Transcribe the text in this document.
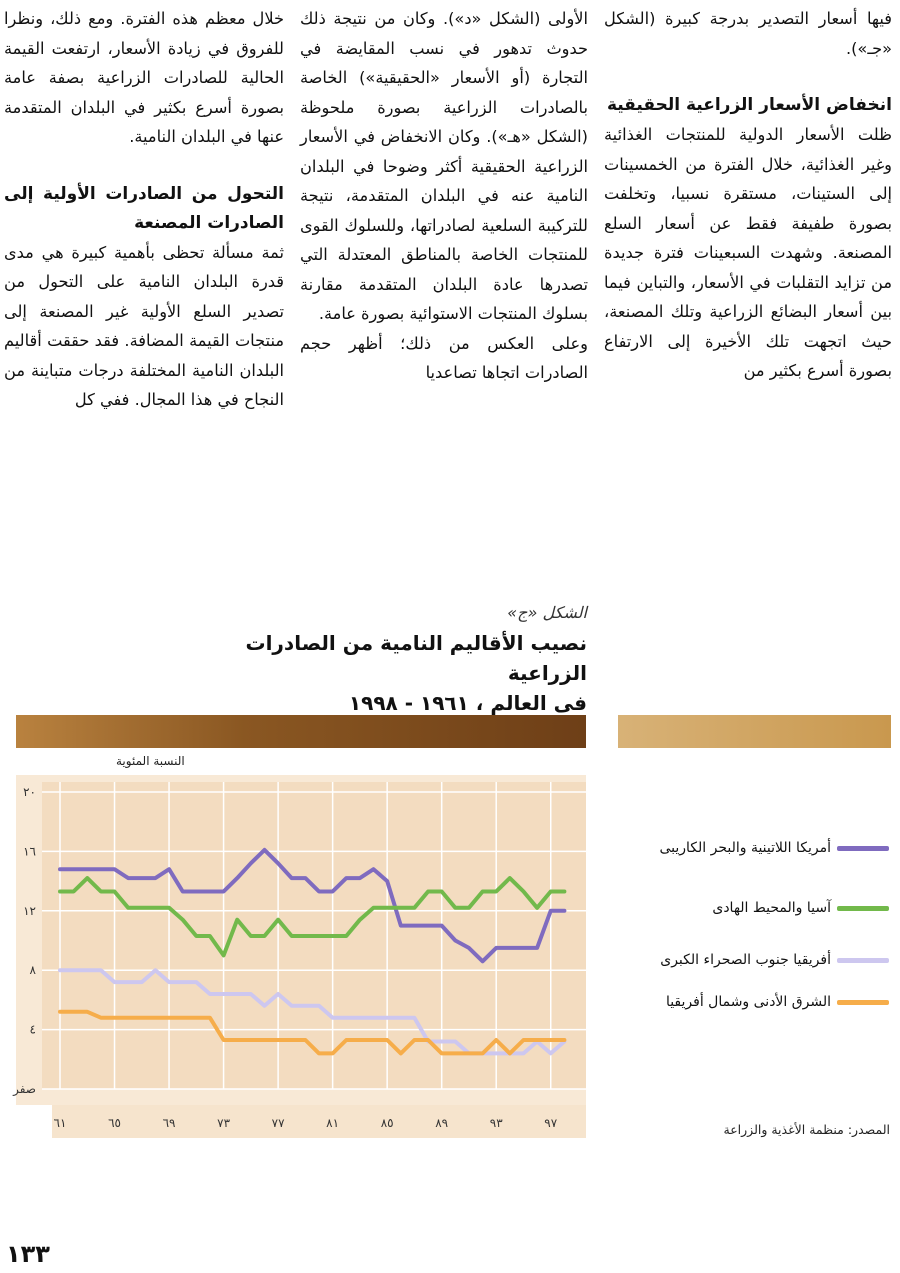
فيها أسعار التصدير بدرجة كبيرة (الشكل «جـ»).

انخفاض الأسعار الزراعية الحقيقية

ظلت الأسعار الدولية للمنتجات الغذائية وغير الغذائية، خلال الفترة من الخمسينات إلى الستينات، مستقرة نسبيا، وتخلفت بصورة طفيفة فقط عن أسعار السلع المصنعة. وشهدت السبعينات فترة جديدة من تزايد التقلبات في الأسعار، والتباين فيما بين أسعار البضائع الزراعية وتلك المصنعة، حيث اتجهت تلك الأخيرة إلى الارتفاع بصورة أسرع بكثير من

الأولى (الشكل «د»). وكان من نتيجة ذلك حدوث تدهور في نسب المقايضة في التجارة (أو الأسعار «الحقيقية») الخاصة بالصادرات الزراعية بصورة ملحوظة (الشكل «هـ»). وكان الانخفاض في الأسعار الزراعية الحقيقية أكثر وضوحا في البلدان النامية عنه في البلدان المتقدمة، نتيجة للتركيبة السلعية لصادراتها، وللسلوك القوى للمنتجات الخاصة بالمناطق المعتدلة التي تصدرها عادة البلدان المتقدمة مقارنة بسلوك المنتجات الاستوائية بصورة عامة.

وعلى العكس من ذلك؛ أظهر حجم الصادرات اتجاها تصاعديا

خلال معظم هذه الفترة. ومع ذلك، ونظرا للفروق في زيادة الأسعار، ارتفعت القيمة الحالية للصادرات الزراعية بصفة عامة بصورة أسرع بكثير في البلدان المتقدمة عنها في البلدان النامية.

التحول من الصادرات الأولية إلى الصادرات المصنعة

ثمة مسألة تحظى بأهمية كبيرة هي مدى قدرة البلدان النامية على التحول من تصدير السلع الأولية غير المصنعة إلى منتجات القيمة المضافة. فقد حققت أقاليم البلدان النامية المختلفة درجات متباينة من النجاح في هذا المجال. ففي كل

الشكل «ج»
نصيب الأقاليم النامية من الصادرات الزراعية
فى العالم ، ١٩٦١ - ١٩٩٨
النسبة المئوية
صفر
٤
٨
١٢
١٦
٢٠
٦١	٦٥	٦٩	٧٣	٧٧	٨١	٨٥	٨٩	٩٣	٩٧
أمريكا اللاتينية والبحر الكاريبى
آسيا والمحيط الهادى
أفريقيا جنوب الصحراء الكبرى
الشرق الأدنى وشمال أفريقيا
المصدر: منظمة الأغذية والزراعة
١٣٣
